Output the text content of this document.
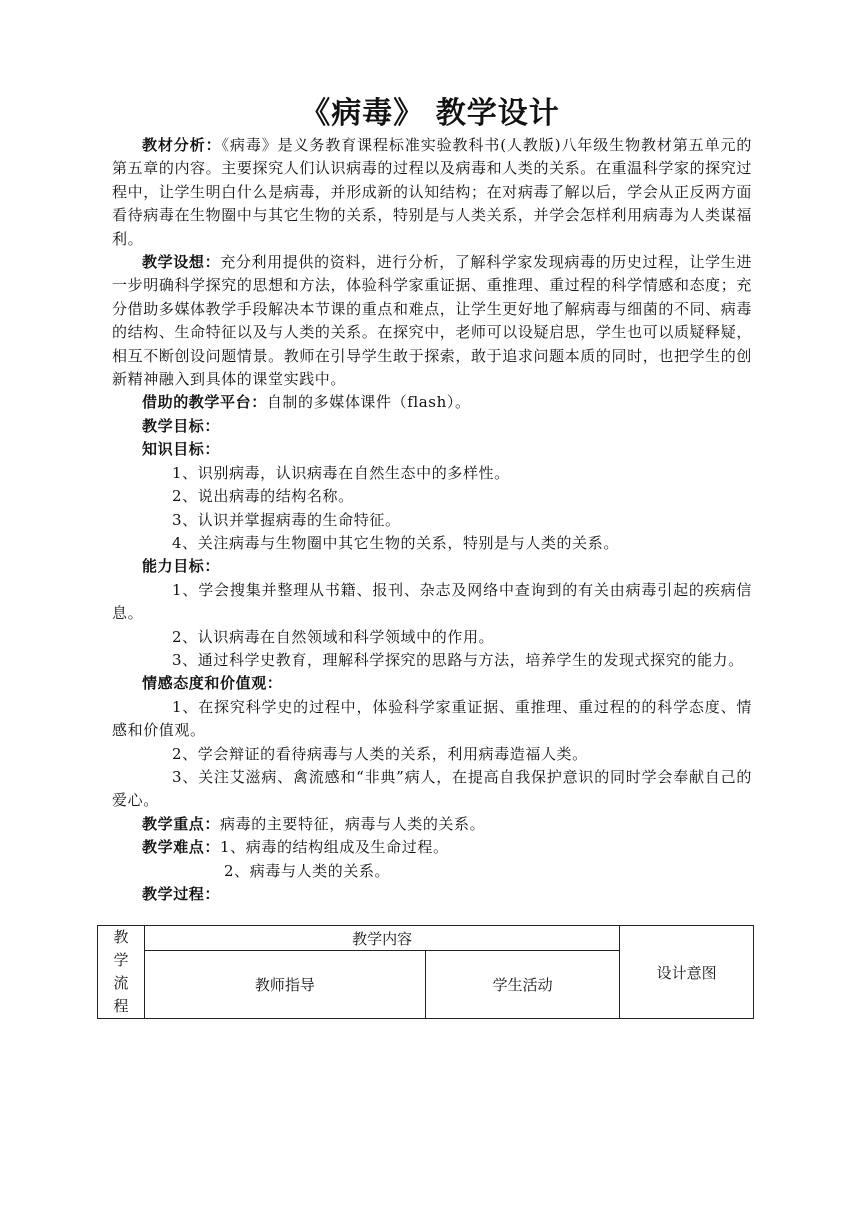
《病毒》 教学设计

教材分析：《病毒》是义务教育课程标准实验教科书(人教版)八年级生物教材第五单元的第五章的内容。主要探究人们认识病毒的过程以及病毒和人类的关系。在重温科学家的探究过程中，让学生明白什么是病毒，并形成新的认知结构；在对病毒了解以后，学会从正反两方面看待病毒在生物圈中与其它生物的关系，特别是与人类关系，并学会怎样利用病毒为人类谋福利。

教学设想：充分利用提供的资料，进行分析，了解科学家发现病毒的历史过程，让学生进一步明确科学探究的思想和方法，体验科学家重证据、重推理、重过程的科学情感和态度；充分借助多媒体教学手段解决本节课的重点和难点，让学生更好地了解病毒与细菌的不同、病毒的结构、生命特征以及与人类的关系。在探究中，老师可以设疑启思，学生也可以质疑释疑，相互不断创设问题情景。教师在引导学生敢于探索，敢于追求问题本质的同时，也把学生的创新精神融入到具体的课堂实践中。

借助的教学平台：自制的多媒体课件（flash）。

教学目标：

知识目标：

1、识别病毒，认识病毒在自然生态中的多样性。

2、说出病毒的结构名称。

3、认识并掌握病毒的生命特征。

4、关注病毒与生物圈中其它生物的关系，特别是与人类的关系。

能力目标：

1、学会搜集并整理从书籍、报刊、杂志及网络中查询到的有关由病毒引起的疾病信息。

2、认识病毒在自然领域和科学领域中的作用。

3、通过科学史教育，理解科学探究的思路与方法，培养学生的发现式探究的能力。

情感态度和价值观：

1、在探究科学史的过程中，体验科学家重证据、重推理、重过程的的科学态度、情感和价值观。

2、学会辩证的看待病毒与人类的关系，利用病毒造福人类。

3、关注艾滋病、禽流感和“非典”病人，在提高自我保护意识的同时学会奉献自己的爱心。

教学重点：病毒的主要特征，病毒与人类的关系。

教学难点：1、病毒的结构组成及生命过程。

2、病毒与人类的关系。

教学过程：

教
学
流
程	教学内容		设计意图
	教师指导	学生活动	
